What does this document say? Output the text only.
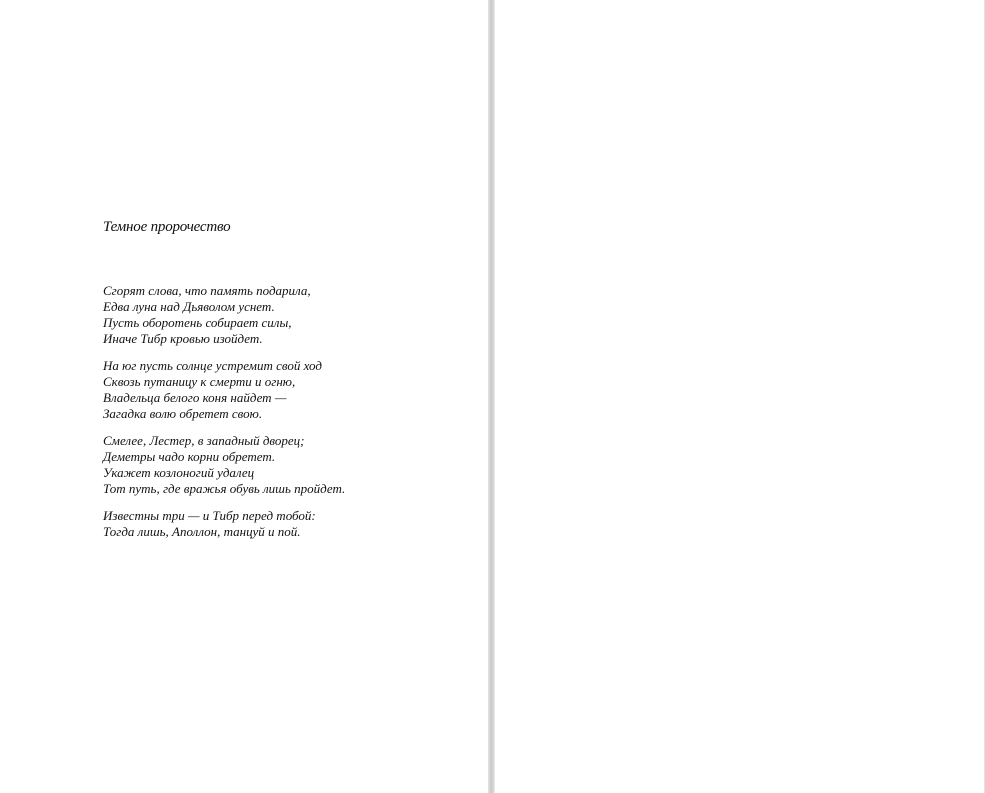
Темное пророчество
Сгорят слова, что память подарила,
Едва луна над Дьяволом уснет.
Пусть оборотень собирает силы,
Иначе Тибр кровью изойдет.
На юг пусть солнце устремит свой ход
Сквозь путаницу к смерти и огню,
Владельца белого коня найдет —
Загадка волю обретет свою.
Смелее, Лестер, в западный дворец;
Деметры чадо корни обретет.
Укажет козлоногий удалец
Тот путь, где вражья обувь лишь пройдет.
Известны три — и Тибр перед тобой:
Тогда лишь, Аполлон, танцуй и пой.
